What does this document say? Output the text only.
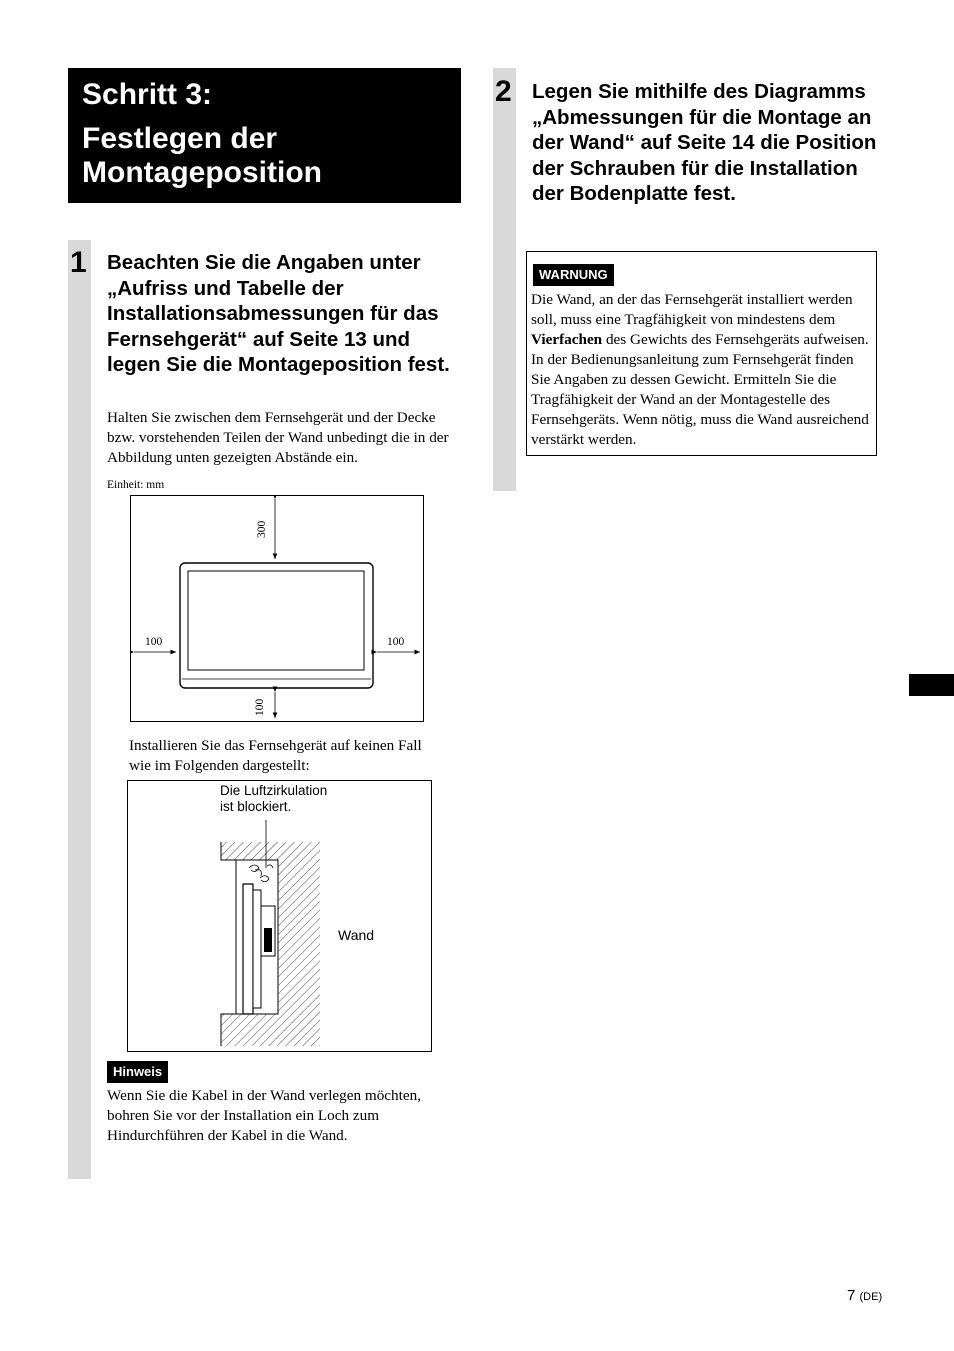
Schritt 3:
Festlegen der Montageposition
1 Beachten Sie die Angaben unter „Aufriss und Tabelle der Installationsabmessungen für das Fernsehgerät“ auf Seite 13 und legen Sie die Montageposition fest.
Halten Sie zwischen dem Fernsehgerät und der Decke bzw. vorstehenden Teilen der Wand unbedingt die in der Abbildung unten gezeigten Abstände ein.
Einheit: mm
300
100	100
100
Installieren Sie das Fernsehgerät auf keinen Fall wie im Folgenden dargestellt:
Die Luftzirkulation
ist blockiert.
Wand
Hinweis
Wenn Sie die Kabel in der Wand verlegen möchten, bohren Sie vor der Installation ein Loch zum Hindurchführen der Kabel in die Wand.
2 Legen Sie mithilfe des Diagramms „Abmessungen für die Montage an der Wand“ auf Seite 14 die Position der Schrauben für die Installation der Bodenplatte fest.
WARNUNG
Die Wand, an der das Fernsehgerät installiert werden soll, muss eine Tragfähigkeit von mindestens dem Vierfachen des Gewichts des Fernsehgeräts aufweisen. In der Bedienungsanleitung zum Fernsehgerät finden Sie Angaben zu dessen Gewicht. Ermitteln Sie die Tragfähigkeit der Wand an der Montagestelle des Fernsehgeräts. Wenn nötig, muss die Wand ausreichend verstärkt werden.
7 (DE)
